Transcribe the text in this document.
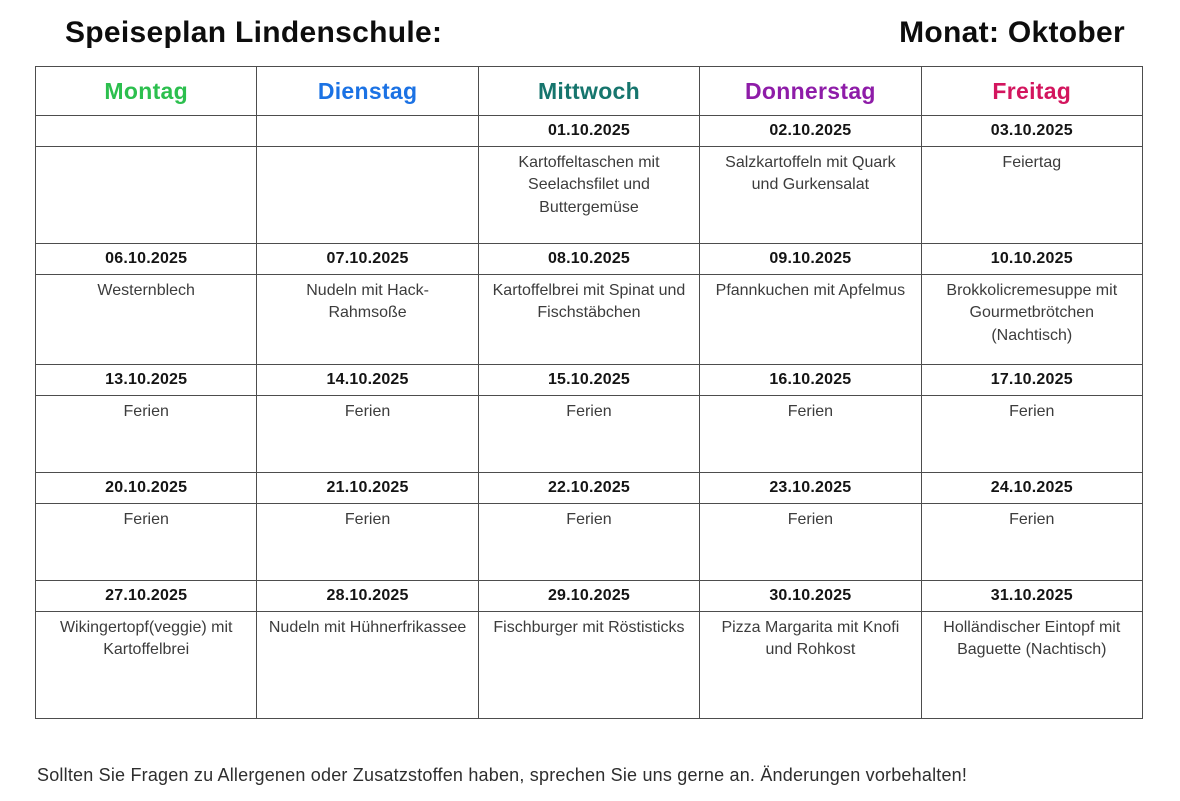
Speiseplan Lindenschule:	Monat: Oktober
Montag	Dienstag	Mittwoch	Donnerstag	Freitag
		01.10.2025	02.10.2025	03.10.2025
		Kartoffeltaschen mit Seelachsfilet und Buttergemüse	Salzkartoffeln mit Quark und Gurkensalat	Feiertag
06.10.2025	07.10.2025	08.10.2025	09.10.2025	10.10.2025
Westernblech	Nudeln mit Hack-Rahmsoße	Kartoffelbrei mit Spinat und Fischstäbchen	Pfannkuchen mit Apfelmus	Brokkolicremesuppe mit Gourmetbrötchen (Nachtisch)
13.10.2025	14.10.2025	15.10.2025	16.10.2025	17.10.2025
Ferien	Ferien	Ferien	Ferien	Ferien
20.10.2025	21.10.2025	22.10.2025	23.10.2025	24.10.2025
Ferien	Ferien	Ferien	Ferien	Ferien
27.10.2025	28.10.2025	29.10.2025	30.10.2025	31.10.2025
Wikingertopf(veggie) mit Kartoffelbrei	Nudeln mit Hühnerfrikassee	Fischburger mit Röstisticks	Pizza Margarita mit Knofi und Rohkost	Holländischer Eintopf mit Baguette (Nachtisch)

Sollten Sie Fragen zu Allergenen oder Zusatzstoffen haben, sprechen Sie uns gerne an. Änderungen vorbehalten!
